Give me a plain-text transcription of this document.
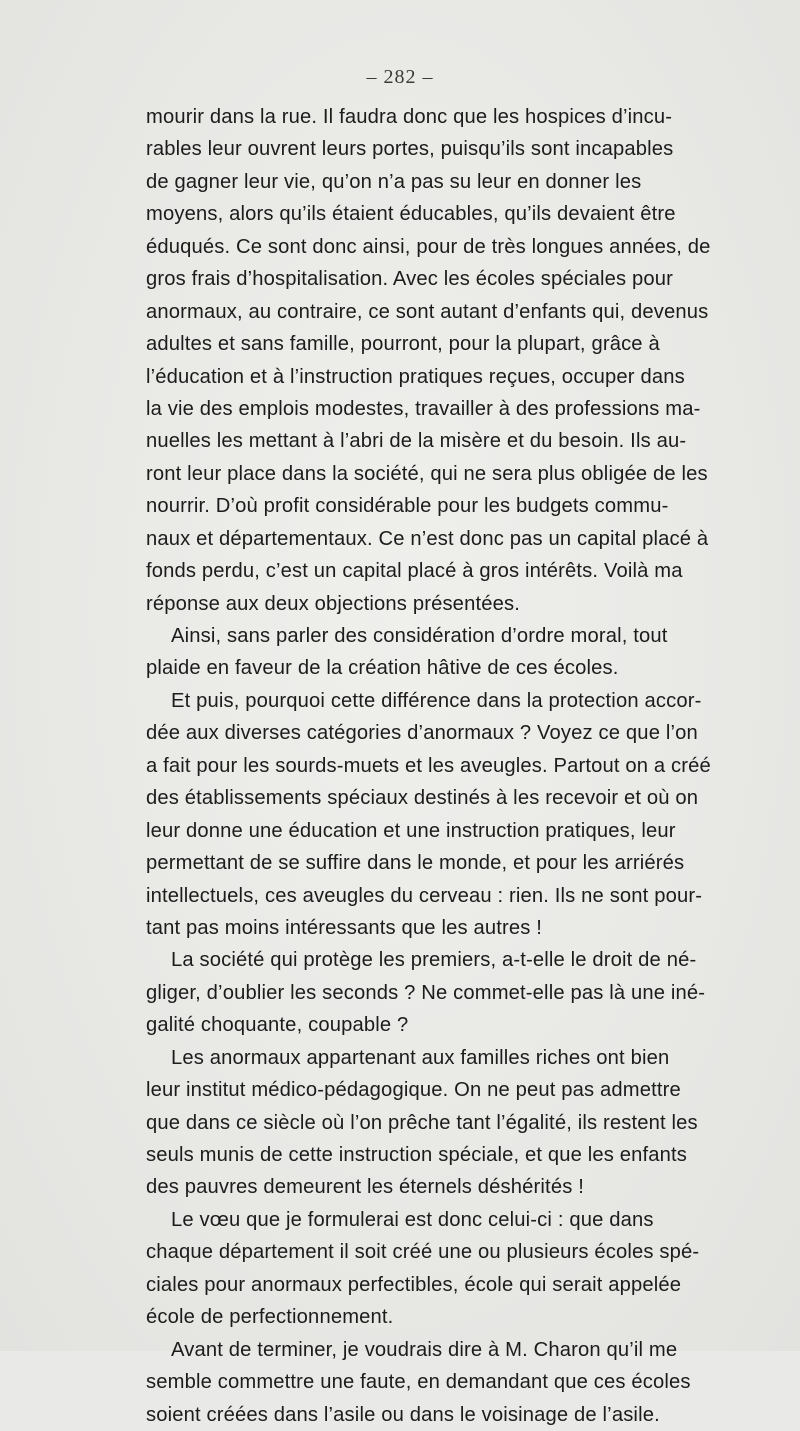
– 282 –
mourir dans la rue. Il faudra donc que les hospices d’incu-
rables leur ouvrent leurs portes, puisqu’ils sont incapables
de gagner leur vie, qu’on n’a pas su leur en donner les
moyens, alors qu’ils étaient éducables, qu’ils devaient être
éduqués. Ce sont donc ainsi, pour de très longues années, de
gros frais d’hospitalisation. Avec les écoles spéciales pour
anormaux, au contraire, ce sont autant d’enfants qui, devenus
adultes et sans famille, pourront, pour la plupart, grâce à
l’éducation et à l’instruction pratiques reçues, occuper dans
la vie des emplois modestes, travailler à des professions ma-
nuelles les mettant à l’abri de la misère et du besoin. Ils au-
ront leur place dans la société, qui ne sera plus obligée de les
nourrir. D’où profit considérable pour les budgets commu-
naux et départementaux. Ce n’est donc pas un capital placé à
fonds perdu, c’est un capital placé à gros intérêts. Voilà ma
réponse aux deux objections présentées.
Ainsi, sans parler des considération d’ordre moral, tout
plaide en faveur de la création hâtive de ces écoles.
Et puis, pourquoi cette différence dans la protection accor-
dée aux diverses catégories d’anormaux ? Voyez ce que l’on
a fait pour les sourds-muets et les aveugles. Partout on a créé
des établissements spéciaux destinés à les recevoir et où on
leur donne une éducation et une instruction pratiques, leur
permettant de se suffire dans le monde, et pour les arriérés
intellectuels, ces aveugles du cerveau : rien. Ils ne sont pour-
tant pas moins intéressants que les autres !
La société qui protège les premiers, a-t-elle le droit de né-
gliger, d’oublier les seconds ? Ne commet-elle pas là une iné-
galité choquante, coupable ?
Les anormaux appartenant aux familles riches ont bien
leur institut médico-pédagogique. On ne peut pas admettre
que dans ce siècle où l’on prêche tant l’égalité, ils restent les
seuls munis de cette instruction spéciale, et que les enfants
des pauvres demeurent les éternels déshérités !
Le vœu que je formulerai est donc celui-ci : que dans
chaque département il soit créé une ou plusieurs écoles spé-
ciales pour anormaux perfectibles, école qui serait appelée
école de perfectionnement.
Avant de terminer, je voudrais dire à M. Charon qu’il me
semble commettre une faute, en demandant que ces écoles
soient créées dans l’asile ou dans le voisinage de l’asile.
